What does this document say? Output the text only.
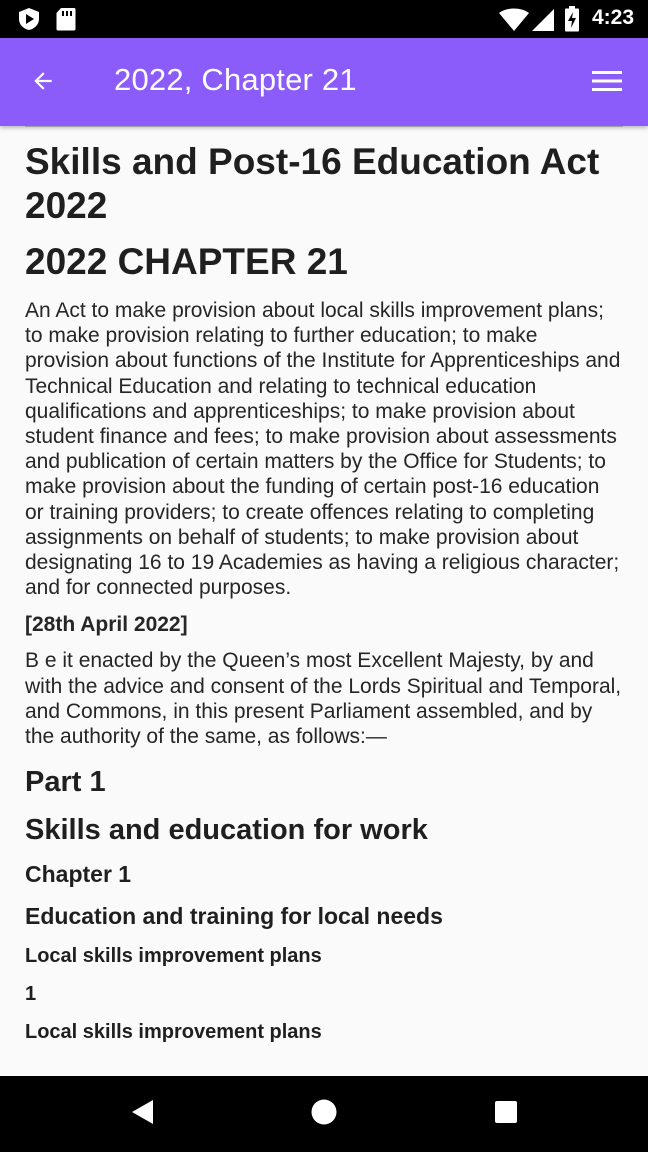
4:23
2022, Chapter 21
Skills and Post-16 Education Act 2022
2022 CHAPTER 21
An Act to make provision about local skills improvement plans; to make provision relating to further education; to make provision about functions of the Institute for Apprenticeships and Technical Education and relating to technical education qualifications and apprenticeships; to make provision about student finance and fees; to make provision about assessments and publication of certain matters by the Office for Students; to make provision about the funding of certain post-16 education or training providers; to create offences relating to completing assignments on behalf of students; to make provision about designating 16 to 19 Academies as having a religious character; and for connected purposes.
[28th April 2022]
B e it enacted by the Queen’s most Excellent Majesty, by and with the advice and consent of the Lords Spiritual and Temporal, and Commons, in this present Parliament assembled, and by the authority of the same, as follows:—
Part 1
Skills and education for work
Chapter 1
Education and training for local needs
Local skills improvement plans
1
Local skills improvement plans
